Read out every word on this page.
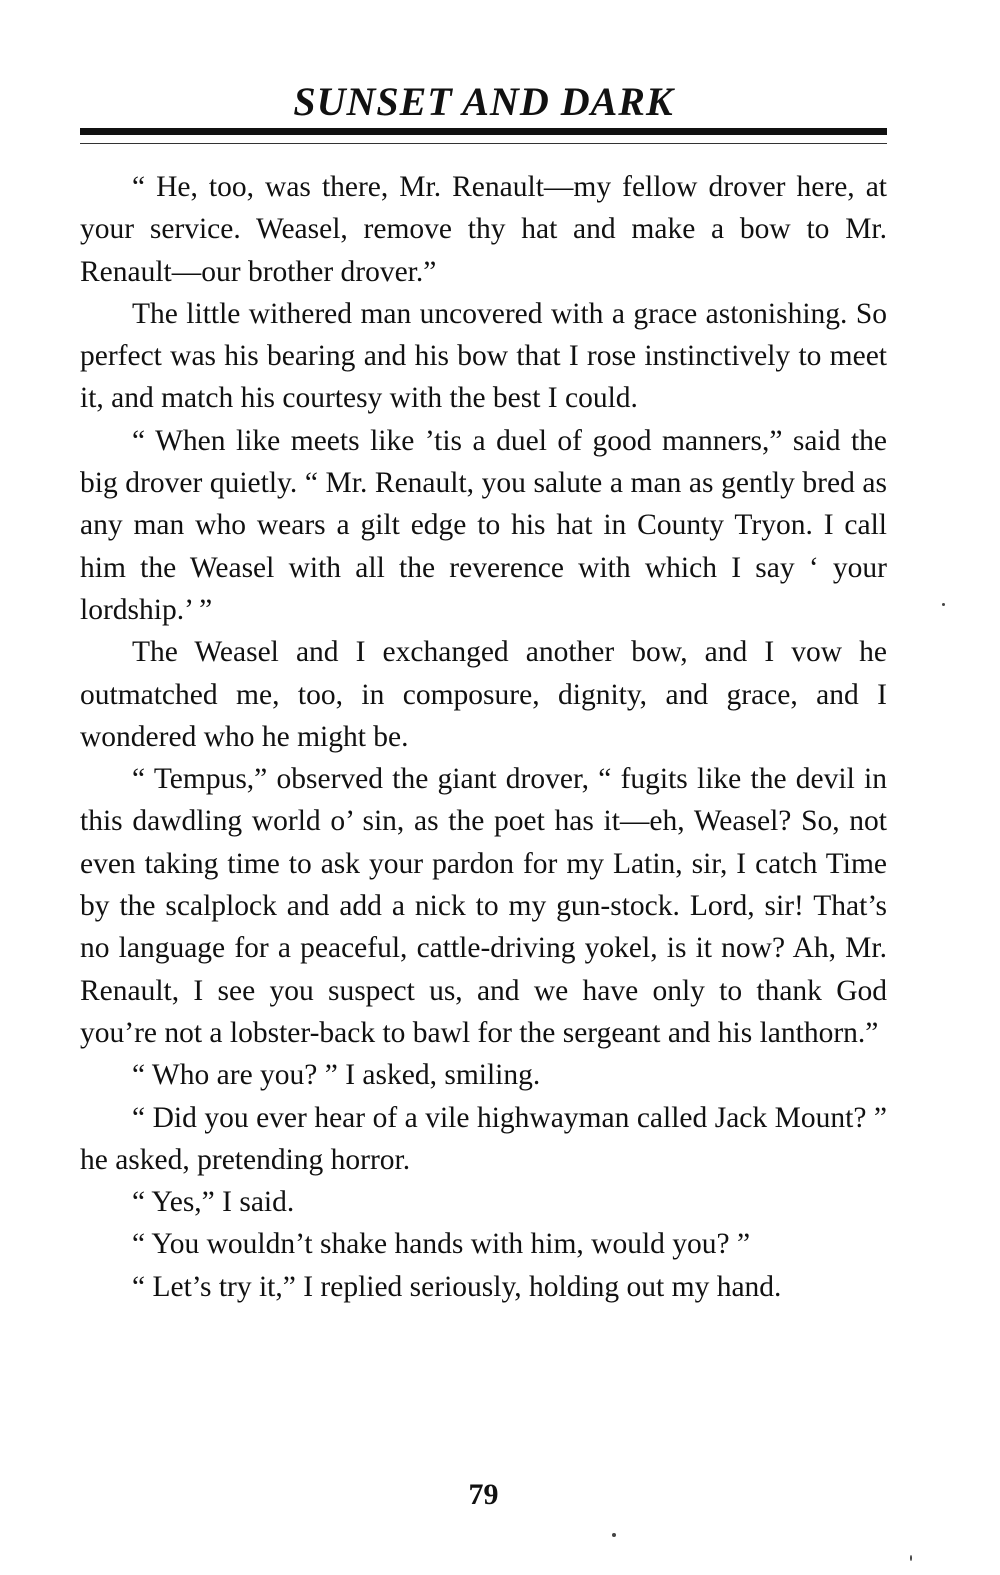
SUNSET AND DARK

“ He, too, was there, Mr. Renault—my fellow drover here, at your service. Weasel, remove thy hat and make a bow to Mr. Renault—our brother drover.”

The little withered man uncovered with a grace astonishing. So perfect was his bearing and his bow that I rose instinctively to meet it, and match his courtesy with the best I could.

“ When like meets like ’tis a duel of good manners,” said the big drover quietly. “ Mr. Renault, you salute a man as gently bred as any man who wears a gilt edge to his hat in County Tryon. I call him the Weasel with all the reverence with which I say ‘ your lordship.’ ”

The Weasel and I exchanged another bow, and I vow he outmatched me, too, in composure, dignity, and grace, and I wondered who he might be.

“ Tempus,” observed the giant drover, “ fugits like the devil in this dawdling world o’ sin, as the poet has it—eh, Weasel? So, not even taking time to ask your pardon for my Latin, sir, I catch Time by the scalplock and add a nick to my gun-stock. Lord, sir! That’s no language for a peaceful, cattle-driving yokel, is it now? Ah, Mr. Renault, I see you suspect us, and we have only to thank God you’re not a lobster-back to bawl for the sergeant and his lanthorn.”

“ Who are you? ” I asked, smiling.

“ Did you ever hear of a vile highwayman called Jack Mount? ” he asked, pretending horror.

“ Yes,” I said.

“ You wouldn’t shake hands with him, would you? ”

“ Let’s try it,” I replied seriously, holding out my hand.

79
